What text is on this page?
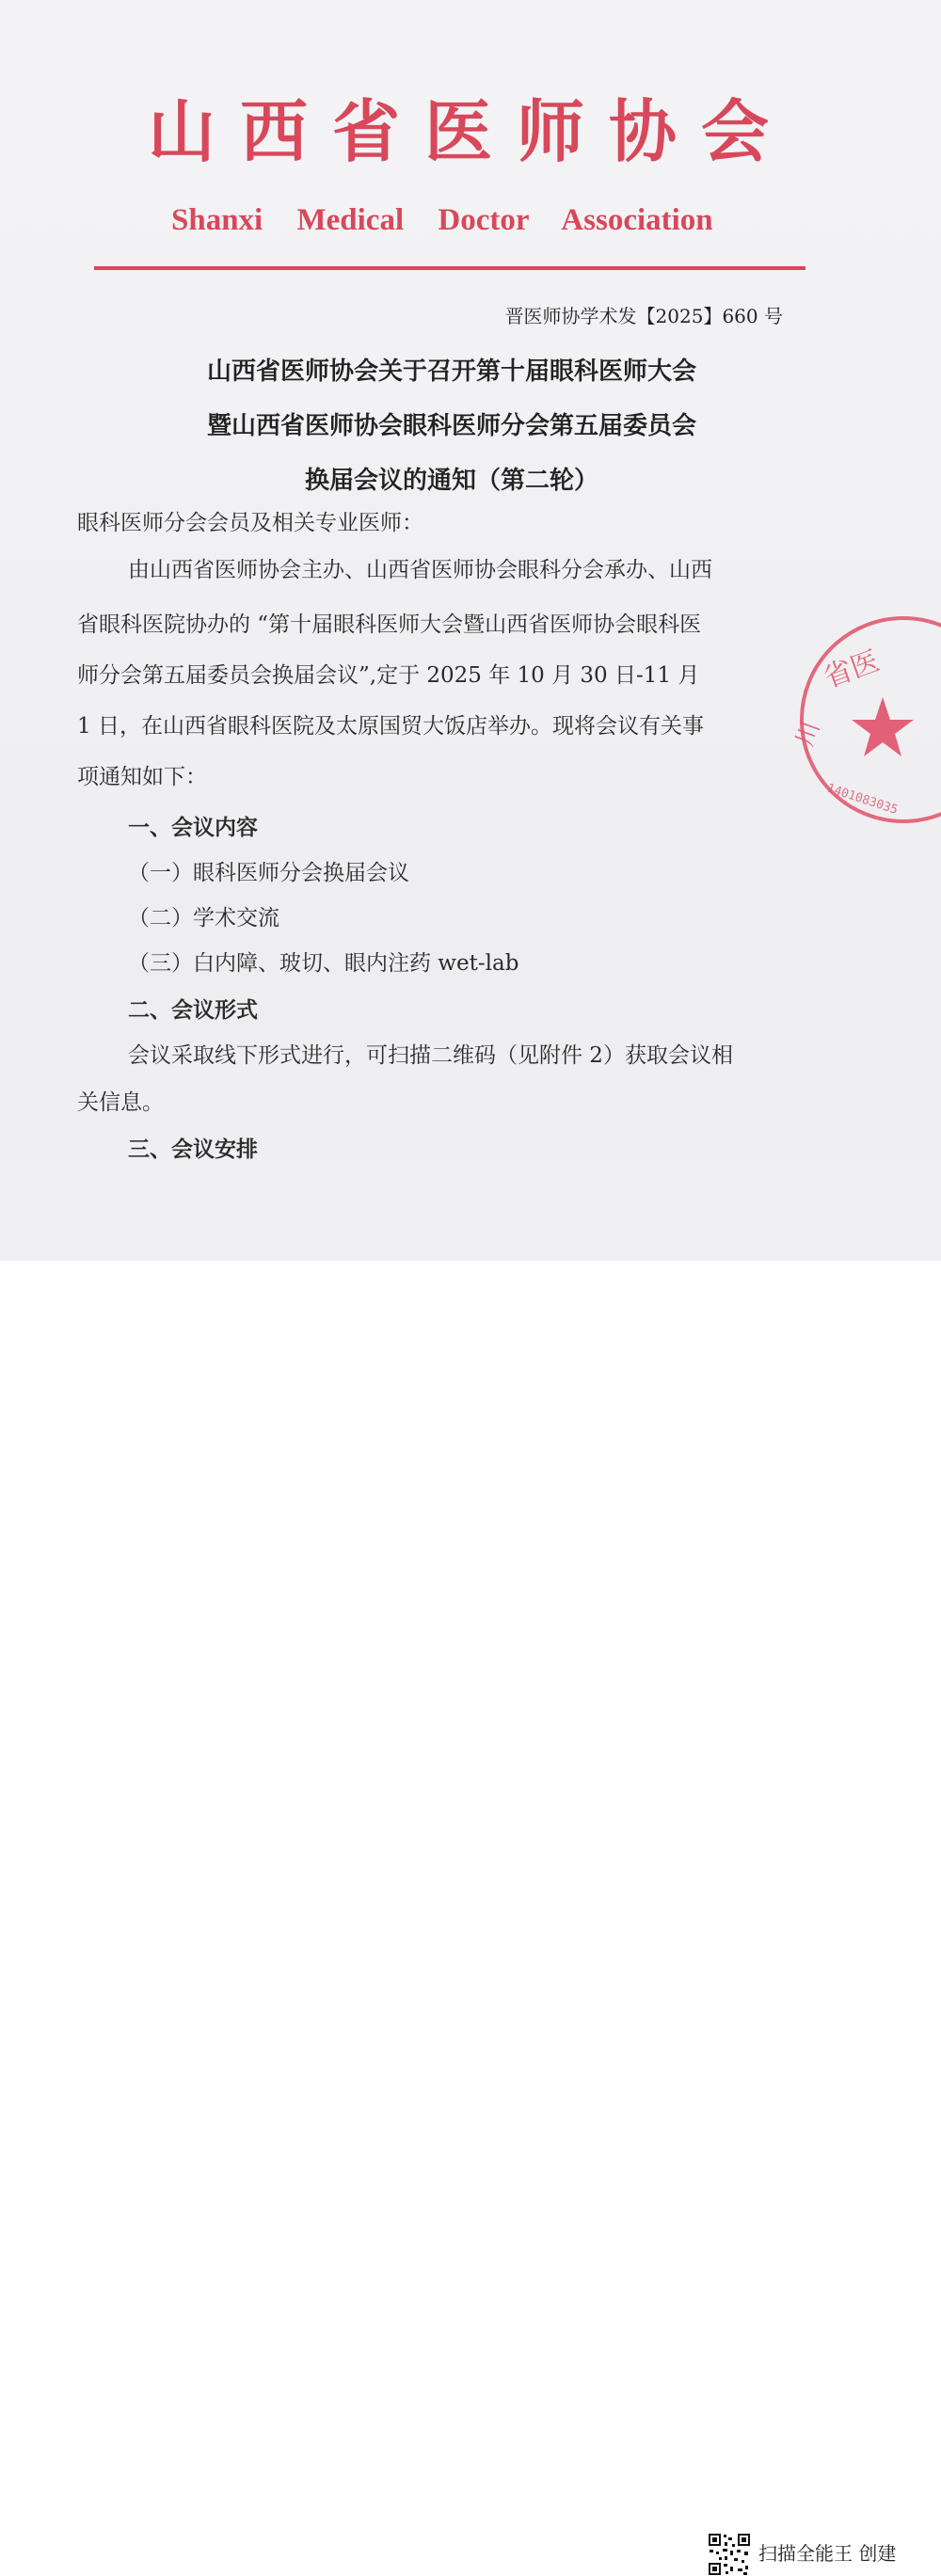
山西省医师协会
Shanxi Medical Doctor Association
晋医师协学术发【2025】660 号
山西省医师协会关于召开第十届眼科医师大会
暨山西省医师协会眼科医师分会第五届委员会
换届会议的通知（第二轮）
眼科医师分会会员及相关专业医师：
由山西省医师协会主办、山西省医师协会眼科分会承办、山西
省眼科医院协办的 “第十届眼科医师大会暨山西省医师协会眼科医
师分会第五届委员会换届会议”,定于 2025 年 10 月 30 日-11 月
1 日，在山西省眼科医院及太原国贸大饭店举办。现将会议有关事
项通知如下：
一、会议内容
（一）眼科医师分会换届会议
（二）学术交流
（三）白内障、玻切、眼内注药 wet-lab
二、会议形式
会议采取线下形式进行，可扫描二维码（见附件 2）获取会议相
关信息。
三、会议安排
省医
川
1401083035
扫描全能王 创建
